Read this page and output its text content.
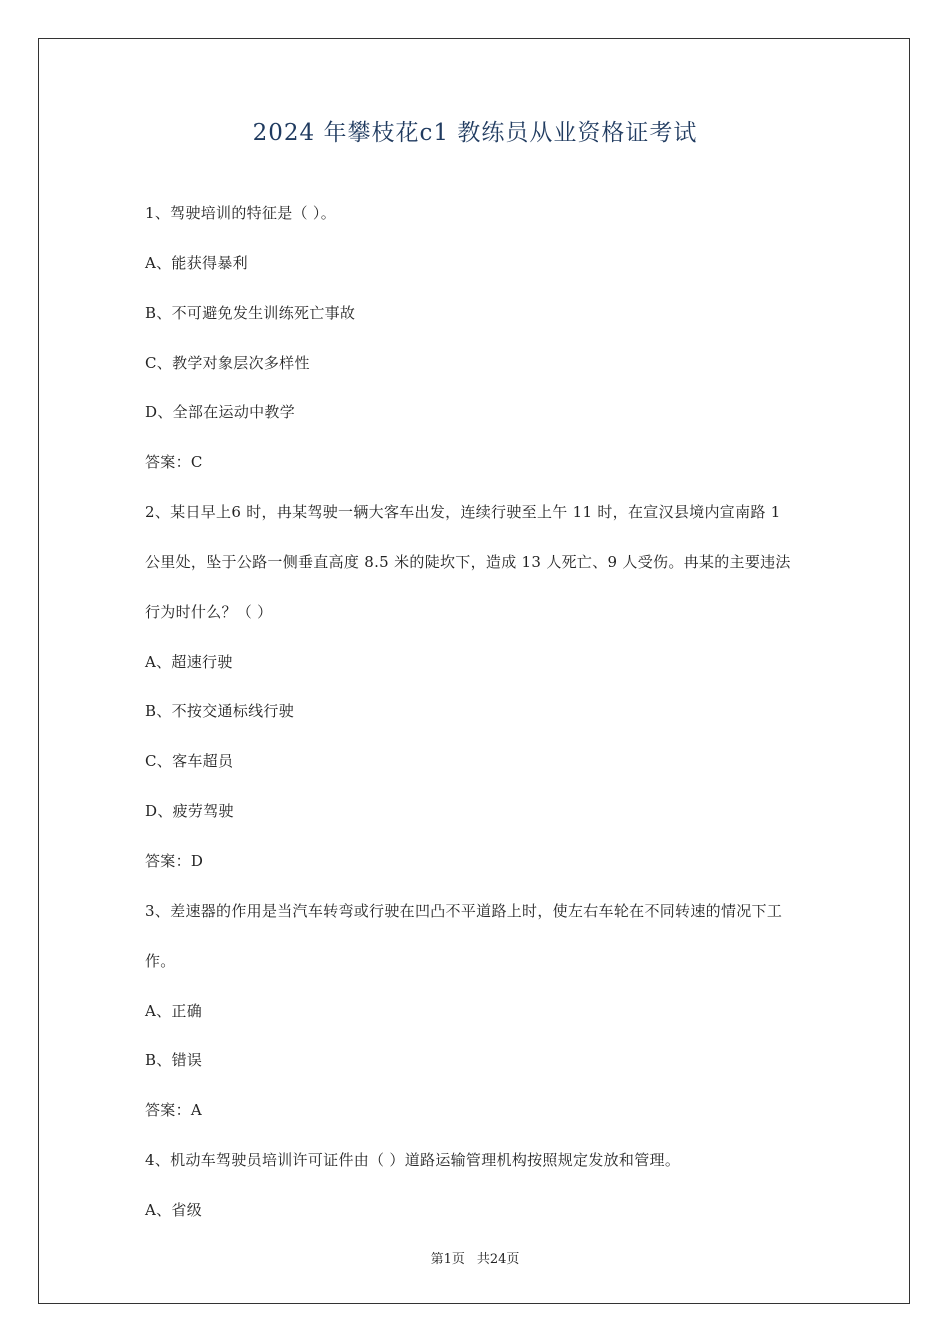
2024 年攀枝花c1 教练员从业资格证考试
1、驾驶培训的特征是（ ）。
A、能获得暴利
B、不可避免发生训练死亡事故
C、教学对象层次多样性
D、全部在运动中教学
答案：C
2、某日早上6 时，冉某驾驶一辆大客车出发，连续行驶至上午 11 时，在宣汉县境内宣南路 1
公里处，坠于公路一侧垂直高度 8.5 米的陡坎下，造成 13 人死亡、9 人受伤。冉某的主要违法
行为时什么？（ ）
A、超速行驶
B、不按交通标线行驶
C、客车超员
D、疲劳驾驶
答案：D
3、差速器的作用是当汽车转弯或行驶在凹凸不平道路上时，使左右车轮在不同转速的情况下工
作。
A、正确
B、错误
答案：A
4、机动车驾驶员培训许可证件由（ ）道路运输管理机构按照规定发放和管理。
A、省级
第1页 共24页
